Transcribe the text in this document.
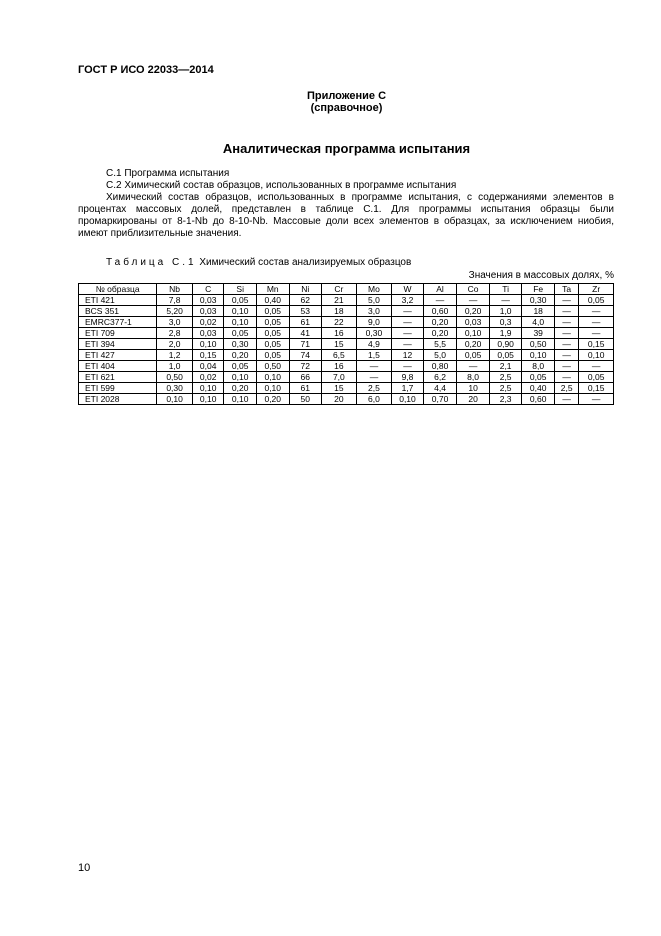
ГОСТ Р ИСО 22033—2014
Приложение С
(справочное)
Аналитическая программа испытания

С.1 Программа испытания

С.2 Химический состав образцов, использованных в программе испытания

Химический состав образцов, использованных в программе испытания, с содержаниями элементов в процентах массовых долей, представлен в таблице С.1. Для программы испытания образцы были промаркированы от 8-1-Nb до 8-10-Nb. Массовые доли всех элементов в образцах, за исключением ниобия, имеют приблизительные значения.

Таблица С.1 Химический состав анализируемых образцов
Значения в массовых долях, %
№ образца	Nb	C	Si	Mn	Ni	Cr	Mo	W	Al	Co	Ti	Fe	Ta	Zr
ETI 421	7,8	0,03	0,05	0,40	62	21	5,0	3,2	—	—	—	0,30	—	0,05
BCS 351	5,20	0,03	0,10	0,05	53	18	3,0	—	0,60	0,20	1,0	18	—	—
EMRC377-1	3,0	0,02	0,10	0,05	61	22	9,0	—	0,20	0,03	0,3	4,0	—	—
ETI 709	2,8	0,03	0,05	0,05	41	16	0,30	—	0,20	0,10	1,9	39	—	—
ETI 394	2,0	0,10	0,30	0,05	71	15	4,9	—	5,5	0,20	0,90	0,50	—	0,15
ETI 427	1,2	0,15	0,20	0,05	74	6,5	1,5	12	5,0	0,05	0,05	0,10	—	0,10
ETI 404	1,0	0,04	0,05	0,50	72	16	—	—	0,80	—	2,1	8,0	—	—
ETI 621	0,50	0,02	0,10	0,10	66	7,0	—	9,8	6,2	8,0	2,5	0,05	—	0,05
ETI 599	0,30	0,10	0,20	0,10	61	15	2,5	1,7	4,4	10	2,5	0,40	2,5	0,15
ETI 2028	0,10	0,10	0,10	0,20	50	20	6,0	0,10	0,70	20	2,3	0,60	—	—
10
